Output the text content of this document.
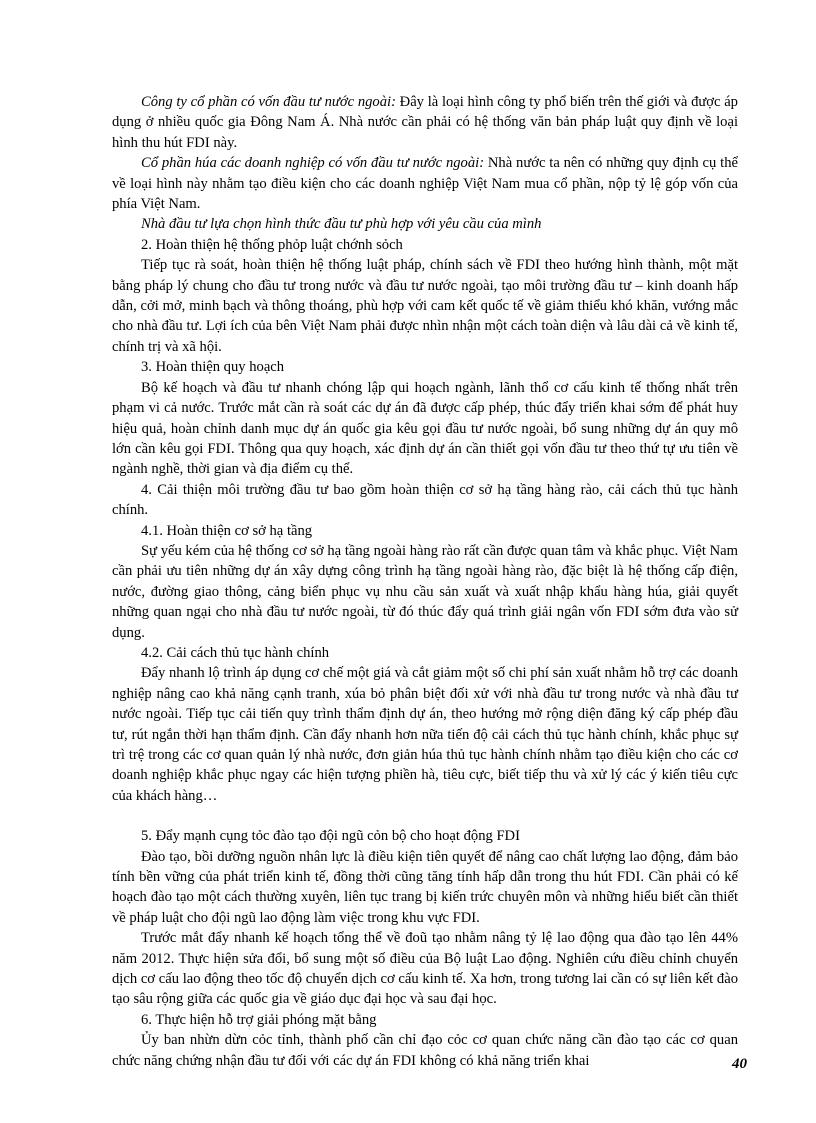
Công ty cổ phần có vốn đầu tư nước ngoài: Đây là loại hình công ty phổ biến trên thế giới và được áp dụng ở nhiều quốc gia Đông Nam Á. Nhà nước cần phải có hệ thống văn bản pháp luật quy định về loại hình thu hút FDI này.

Cổ phần húa các doanh nghiệp có vốn đầu tư nước ngoài: Nhà nước ta nên có những quy định cụ thể về loại hình này nhằm tạo điều kiện cho các doanh nghiệp Việt Nam mua cổ phần, nộp tỷ lệ góp vốn của phía Việt Nam.

Nhà đầu tư lựa chọn hình thức đầu tư phù hợp với yêu cầu của mình

2. Hoàn thiện hệ thống phỏp luật chớnh sỏch

Tiếp tục rà soát, hoàn thiện hệ thống luật pháp, chính sách về FDI theo hướng hình thành, một mặt bằng pháp lý chung cho đầu tư trong nước và đầu tư nước ngoài, tạo môi trường đầu tư – kinh doanh hấp dẫn, cởi mở, minh bạch và thông thoáng, phù hợp với cam kết quốc tế về giảm thiểu khó khăn, vướng mắc cho nhà đầu tư. Lợi ích của bên Việt Nam phải được nhìn nhận một cách toàn diện và lâu dài cả về kinh tế, chính trị và xã hội.

3. Hoàn thiện quy hoạch

Bộ kế hoạch và đầu tư nhanh chóng lập qui hoạch ngành, lãnh thổ cơ cấu kinh tế thống nhất trên phạm vi cả nước. Trước mắt cần rà soát các dự án đã được cấp phép, thúc đẩy triển khai sớm để phát huy hiệu quả, hoàn chỉnh danh mục dự án quốc gia kêu gọi đầu tư nước ngoài, bổ sung những dự án quy mô lớn cần kêu gọi FDI. Thông qua quy hoạch, xác định dự án cần thiết gọi vốn đầu tư theo thứ tự ưu tiên về ngành nghề, thời gian và địa điểm cụ thể.

4. Cải thiện môi trường đầu tư bao gồm hoàn thiện cơ sở hạ tầng hàng rào, cải cách thủ tục hành chính.

4.1. Hoàn thiện cơ sở hạ tầng

Sự yếu kém của hệ thống cơ sở hạ tầng ngoài hàng rào rất cần được quan tâm và khắc phục. Việt Nam cần phải ưu tiên những dự án xây dựng công trình hạ tầng ngoài hàng rào, đặc biệt là hệ thống cấp điện, nước, đường giao thông, cảng biển phục vụ nhu cầu sản xuất và xuất nhập khẩu hàng húa, giải quyết những quan ngại cho nhà đầu tư nước ngoài, từ đó thúc đẩy quá trình giải ngân vốn FDI sớm đưa vào sử dụng.

4.2. Cải cách thủ tục hành chính

Đẩy nhanh lộ trình áp dụng cơ chế một giá và cắt giảm một số chi phí sản xuất nhằm hỗ trợ các doanh nghiệp nâng cao khả năng cạnh tranh, xúa bỏ phân biệt đối xử với nhà đầu tư trong nước và nhà đầu tư nước ngoài. Tiếp tục cải tiến quy trình thẩm định dự án, theo hướng mở rộng diện đăng ký cấp phép đầu tư, rút ngắn thời hạn thẩm định. Cần đẩy nhanh hơn nữa tiến độ cải cách thủ tục hành chính, khắc phục sự trì trệ trong các cơ quan quản lý nhà nước, đơn giản húa thủ tục hành chính nhằm tạo điều kiện cho các cơ doanh nghiệp khắc phục ngay các hiện tượng phiền hà, tiêu cực, biết tiếp thu và xử lý các ý kiến tiêu cực của khách hàng…

5. Đẩy mạnh cụng tỏc đào tạo đội ngũ cỏn bộ cho hoạt động FDI

Đào tạo, bồi dưỡng nguồn nhân lực là điều kiện tiên quyết để nâng cao chất lượng lao động, đảm bảo tính bền vững của phát triển kinh tế, đồng thời cũng tăng tính hấp dẫn trong thu hút FDI. Cần phải có kế hoạch đào tạo một cách thường xuyên, liên tục trang bị kiến trức chuyên môn và những hiểu biết cần thiết về pháp luật cho đội ngũ lao động làm việc trong khu vực FDI.

Trước mắt đẩy nhanh kế hoạch tổng thể về đoũ tạo nhằm nâng tỷ lệ lao động qua đào tạo lên 44% năm 2012. Thực hiện sửa đổi, bổ sung một số điều của Bộ luật Lao động. Nghiên cứu điều chỉnh chuyển dịch cơ cấu lao động theo tốc độ chuyển dịch cơ cấu kinh tế. Xa hơn, trong tương lai cần có sự liên kết đào tạo sâu rộng giữa các quốc gia về giáo dục đại học và sau đại học.

6. Thực hiện hỗ trợ giải phóng mặt bằng

Ủy ban nhừn dừn cỏc tỉnh, thành phố cần chỉ đạo cỏc cơ quan chức năng cần đào tạo các cơ quan chức năng chứng nhận đầu tư đối với các dự án FDI không có khả năng triển khai	40
